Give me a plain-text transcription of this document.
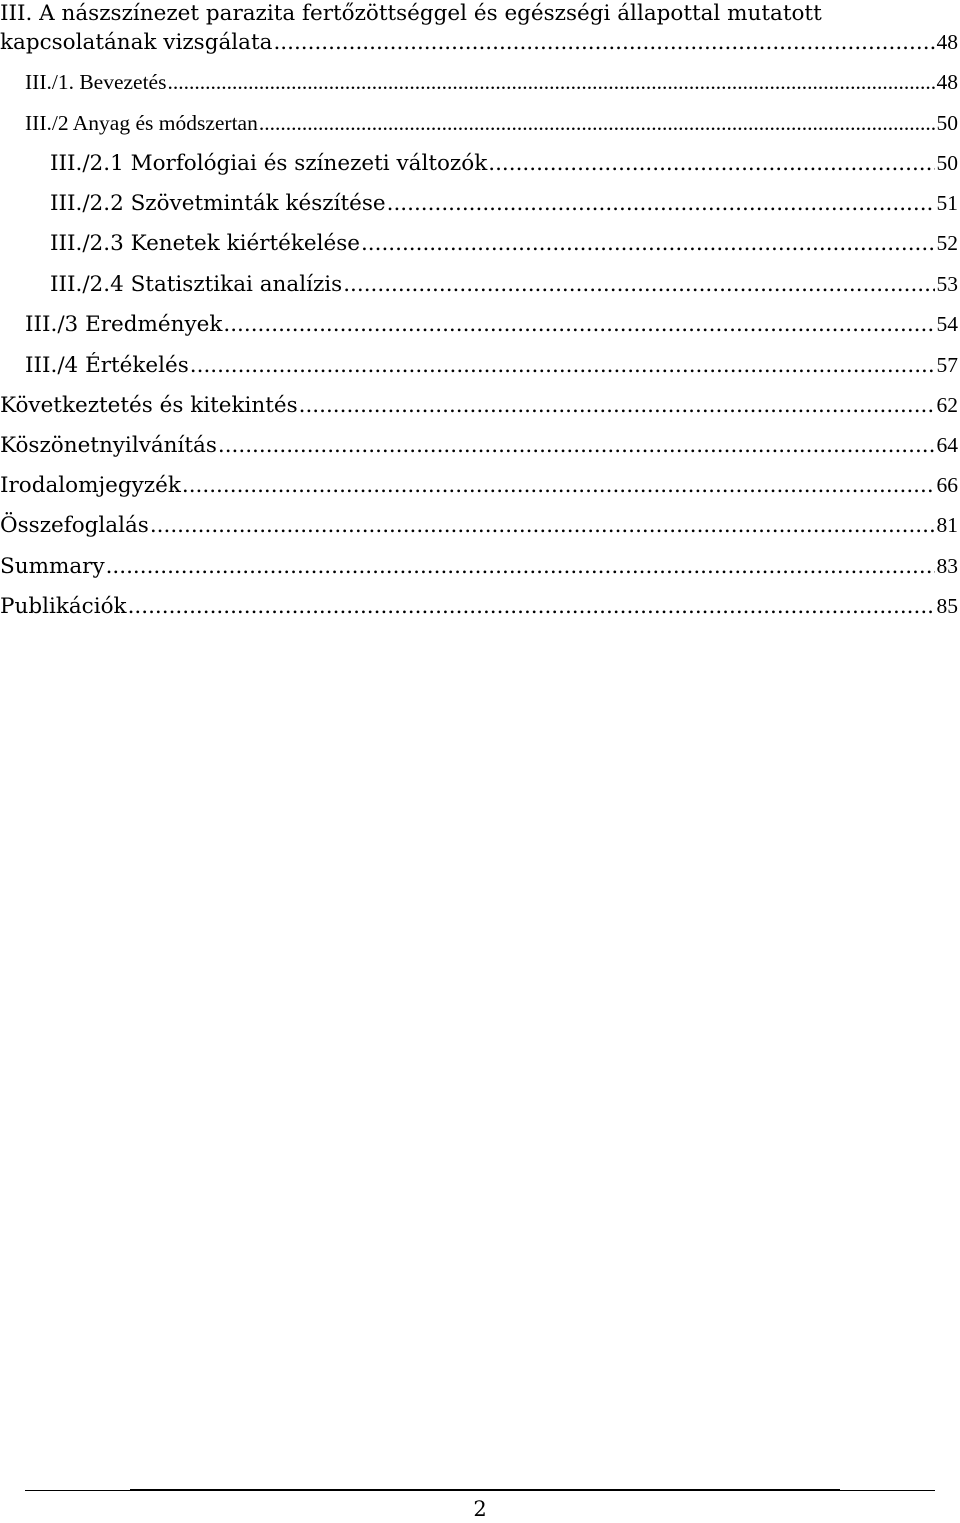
III. A nászszínezet parazita fertőzöttséggel és egészségi állapottal mutatott
kapcsolatának vizsgálata .....	48
III./1. Bevezetés .....	48
III./2 Anyag és módszertan .....	50
III./2.1 Morfológiai és színezeti változók .....	50
III./2.2 Szövetminták készítése .....	51
III./2.3 Kenetek kiértékelése .....	52
III./2.4 Statisztikai analízis .....	53
III./3 Eredmények .....	54
III./4 Értékelés .....	57
Következtetés és kitekintés .....	62
Köszönetnyilvánítás .....	64
Irodalomjegyzék .....	66
Összefoglalás .....	81
Summary .....	83
Publikációk .....	85
2
